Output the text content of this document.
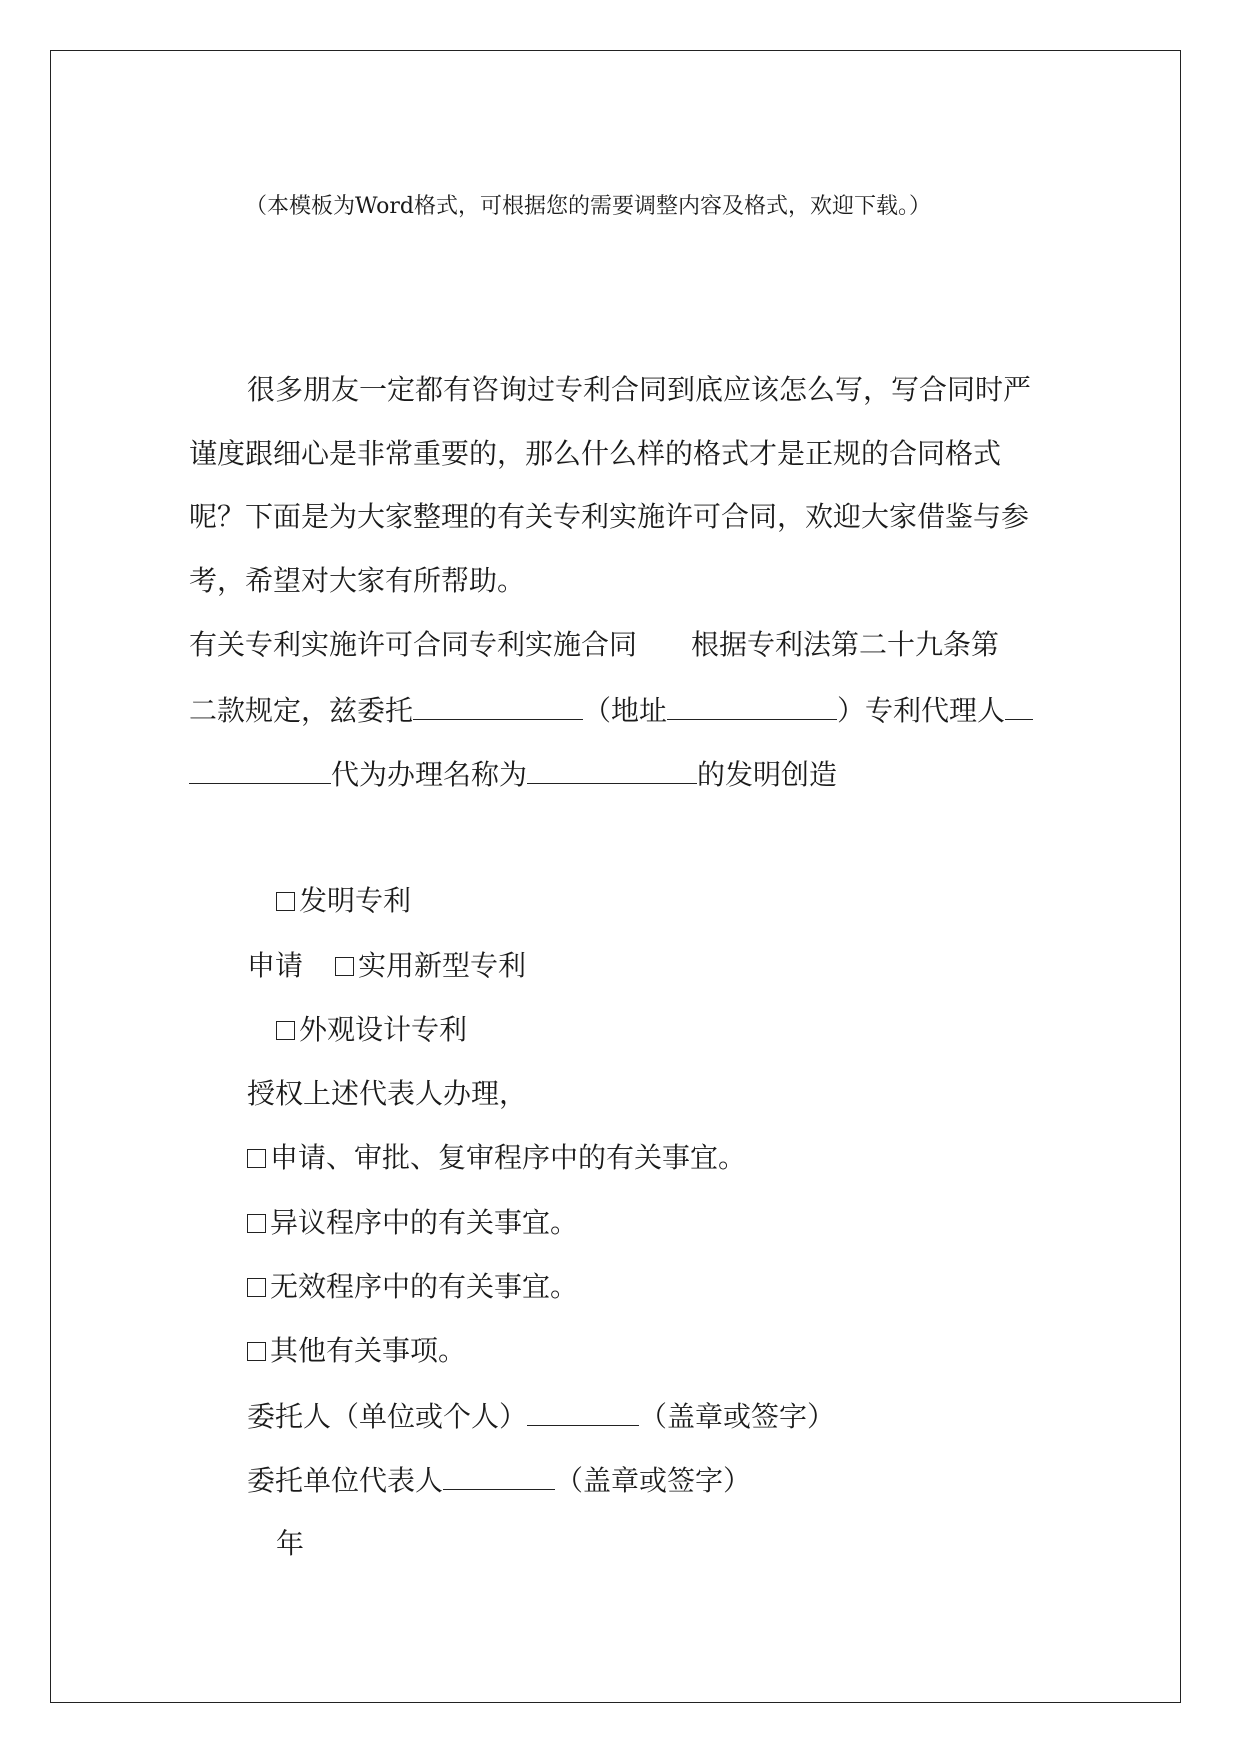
（本模板为Word格式，可根据您的需要调整内容及格式，欢迎下载。）
很多朋友一定都有咨询过专利合同到底应该怎么写，写合同时严
谨度跟细心是非常重要的，那么什么样的格式才是正规的合同格式
呢？下面是为大家整理的有关专利实施许可合同，欢迎大家借鉴与参
考，希望对大家有所帮助。
有关专利实施许可合同专利实施合同 根据专利法第二十九条第
二款规定，兹委托	（地址	）专利代理人
代为办理名称为	的发明创造
发明专利
申请 实用新型专利
外观设计专利
授权上述代表人办理，
申请、审批、复审程序中的有关事宜。
异议程序中的有关事宜。
无效程序中的有关事宜。
其他有关事项。
委托人（单位或个人）	（盖章或签字）
委托单位代表人	（盖章或签字）
年
